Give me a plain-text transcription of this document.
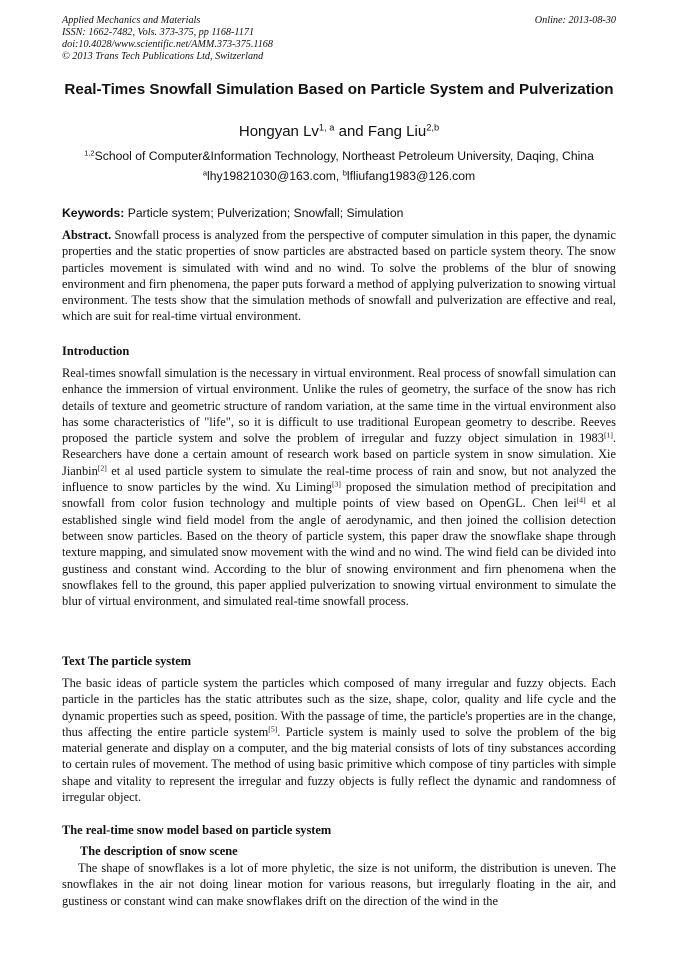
Applied Mechanics and Materials
ISSN: 1662-7482, Vols. 373-375, pp 1168-1171
doi:10.4028/www.scientific.net/AMM.373-375.1168
© 2013 Trans Tech Publications Ltd, Switzerland
Online: 2013-08-30
Real-Times Snowfall Simulation Based on Particle System and Pulverization
Hongyan Lv$^{1, a}$ and Fang Liu$^{2,b}$
$^{1,2}$School of Computer&Information Technology, Northeast Petroleum University, Daqing, China
$^a$lhy19821030@163.com, $^b$lfliufang1983@126.com
Keywords: Particle system; Pulverization; Snowfall; Simulation
Abstract. Snowfall process is analyzed from the perspective of computer simulation in this paper, the dynamic properties and the static properties of snow particles are abstracted based on particle system theory. The snow particles movement is simulated with wind and no wind. To solve the problems of the blur of snowing environment and firn phenomena, the paper puts forward a method of applying pulverization to snowing virtual environment. The tests show that the simulation methods of snowfall and pulverization are effective and real, which are suit for real-time virtual environment.
Introduction
Real-times snowfall simulation is the necessary in virtual environment. Real process of snowfall simulation can enhance the immersion of virtual environment. Unlike the rules of geometry, the surface of the snow has rich details of texture and geometric structure of random variation, at the same time in the virtual environment also has some characteristics of "life", so it is difficult to use traditional European geometry to describe. Reeves proposed the particle system and solve the problem of irregular and fuzzy object simulation in 1983[1]. Researchers have done a certain amount of research work based on particle system in snow simulation. Xie Jianbin[2] et al used particle system to simulate the real-time process of rain and snow, but not analyzed the influence to snow particles by the wind. Xu Liming[3] proposed the simulation method of precipitation and snowfall from color fusion technology and multiple points of view based on OpenGL. Chen lei[4] et al established single wind field model from the angle of aerodynamic, and then joined the collision detection between snow particles. Based on the theory of particle system, this paper draw the snowflake shape through texture mapping, and simulated snow movement with the wind and no wind. The wind field can be divided into gustiness and constant wind. According to the blur of snowing environment and firn phenomena when the snowflakes fell to the ground, this paper applied pulverization to snowing virtual environment to simulate the blur of virtual environment, and simulated real-time snowfall process.
Text The particle system
The basic ideas of particle system the particles which composed of many irregular and fuzzy objects. Each particle in the particles has the static attributes such as the size, shape, color, quality and life cycle and the dynamic properties such as speed, position. With the passage of time, the particle's properties are in the change, thus affecting the entire particle system[5]. Particle system is mainly used to solve the problem of the big material generate and display on a computer, and the big material consists of lots of tiny substances according to certain rules of movement. The method of using basic primitive which compose of tiny particles with simple shape and vitality to represent the irregular and fuzzy objects is fully reflect the dynamic and randomness of irregular object.
The real-time snow model based on particle system
The description of snow scene
The shape of snowflakes is a lot of more phyletic, the size is not uniform, the distribution is uneven. The snowflakes in the air not doing linear motion for various reasons, but irregularly floating in the air, and gustiness or constant wind can make snowflakes drift on the direction of the wind in the
